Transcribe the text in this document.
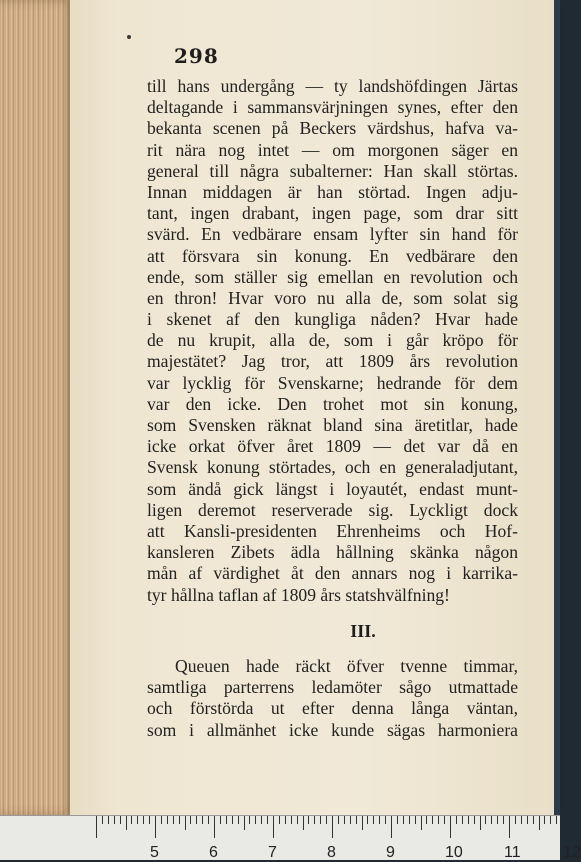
III.
298
till hans undergång — ty landshöfdingen Järtas
deltagande i sammansvärjningen synes, efter den
bekanta scenen på Beckers värdshus, hafva va-
rit nära nog intet — om morgonen säger en
general till några subalterner: Han skall störtas.
Innan middagen är han störtad. Ingen adju-
tant, ingen drabant, ingen page, som drar sitt
svärd. En vedbärare ensam lyfter sin hand för
att försvara sin konung. En vedbärare den
ende, som ställer sig emellan en revolution och
en thron! Hvar voro nu alla de, som solat sig
i skenet af den kungliga nåden? Hvar hade
de nu krupit, alla de, som i går kröpo för
majestätet? Jag tror, att 1809 års revolution
var lycklig för Svenskarne; hedrande för dem
var den icke. Den trohet mot sin konung,
som Svensken räknat bland sina äretitlar, hade
icke orkat öfver året 1809 — det var då en
Svensk konung störtades, och en generaladjutant,
som ändå gick längst i loyautét, endast munt-
ligen deremot reserverade sig. Lyckligt dock
att Kansli-presidenten Ehrenheims och Hof-
kansleren Zibets ädla hållning skänka någon
mån af värdighet åt den annars nog i karrika-
tyr hållna taflan af 1809 års statshvälfning!
Queuen hade räckt öfver tvenne timmar,
samtliga parterrens ledamöter sågo utmattade
och förstörda ut efter denna långa väntan,
som i allmänhet icke kunde sägas harmoniera
5	6	7	8	9	10	11	12
